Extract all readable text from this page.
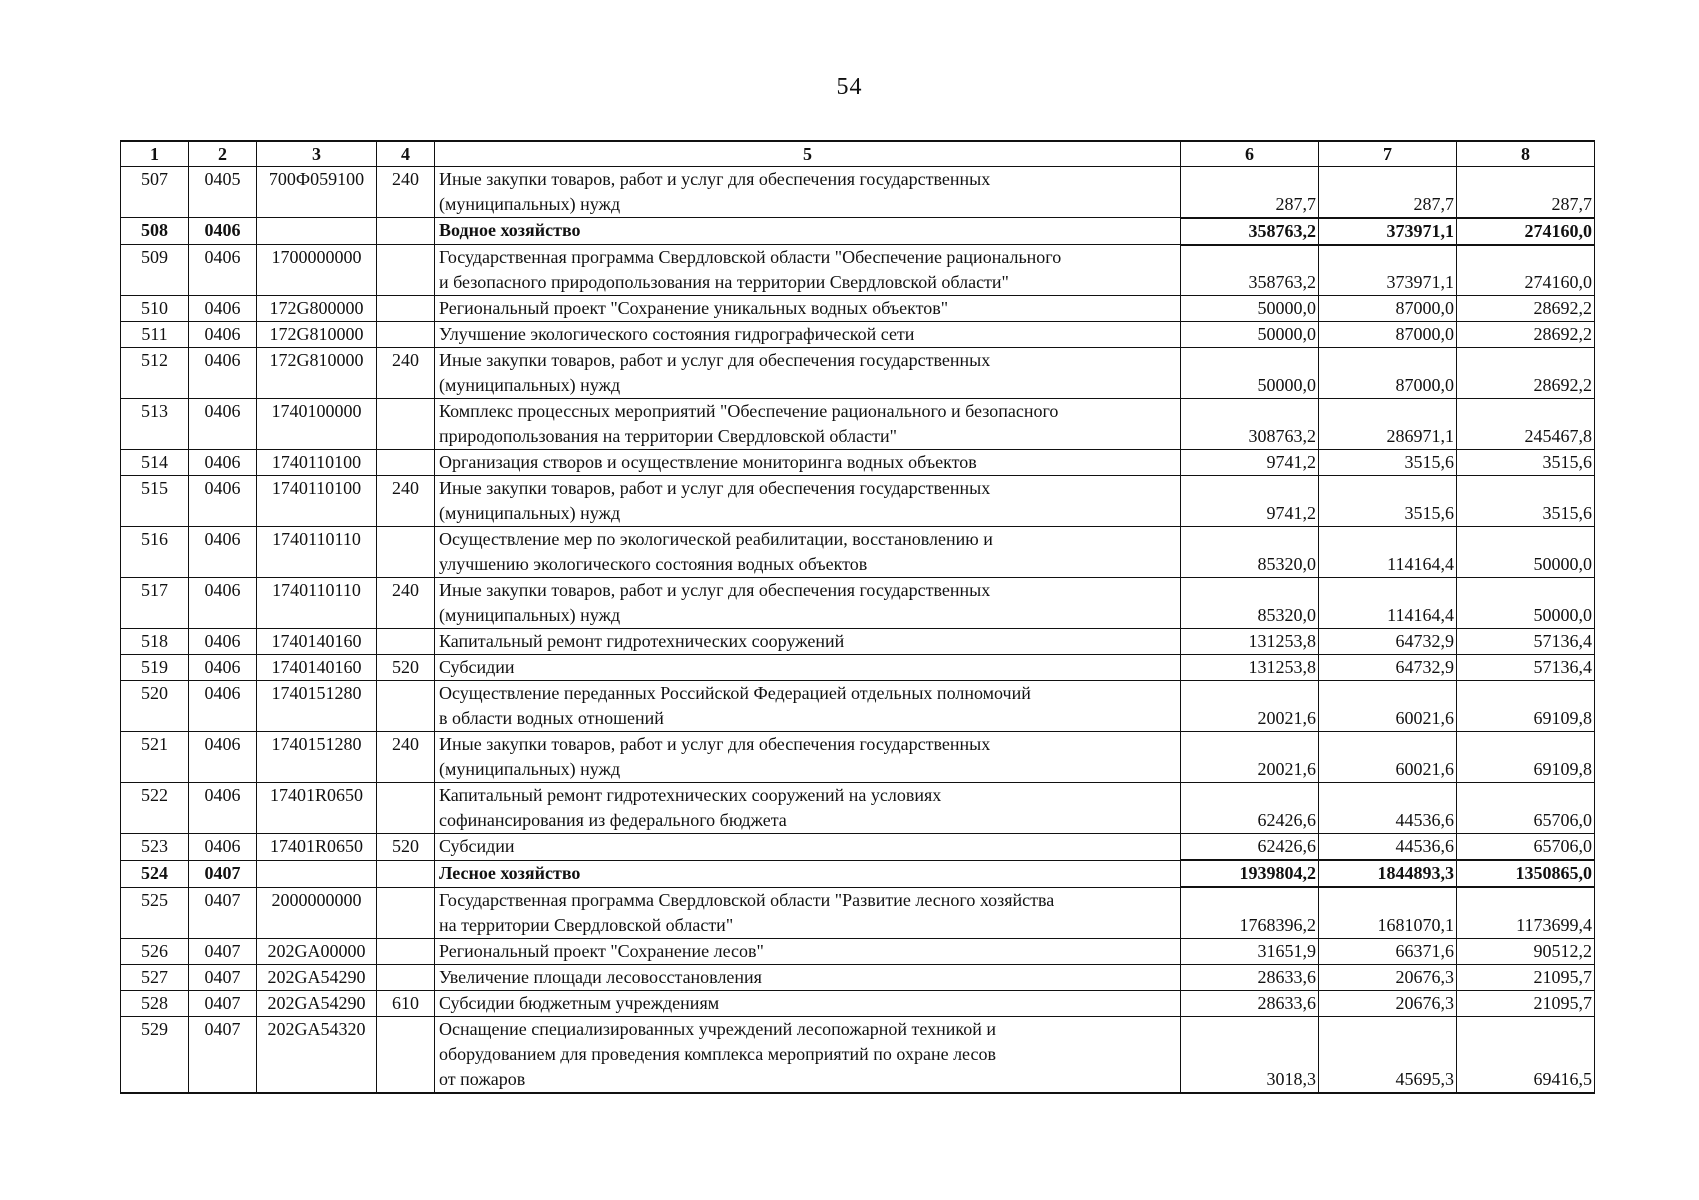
54
1	2	3	4	5	6	7	8
507	0405	700Ф059100	240	Иные закупки товаров, работ и услуг для обеспечения государственных
(муниципальных) нужд	287,7	287,7	287,7
508	0406			Водное хозяйство	358763,2	373971,1	274160,0
509	0406	1700000000		Государственная программа Свердловской области "Обеспечение рационального
и безопасного природопользования на территории Свердловской области"	358763,2	373971,1	274160,0
510	0406	172G800000		Региональный проект "Сохранение уникальных водных объектов"	50000,0	87000,0	28692,2
511	0406	172G810000		Улучшение экологического состояния гидрографической сети	50000,0	87000,0	28692,2
512	0406	172G810000	240	Иные закупки товаров, работ и услуг для обеспечения государственных
(муниципальных) нужд	50000,0	87000,0	28692,2
513	0406	1740100000		Комплекс процессных мероприятий "Обеспечение рационального и безопасного
природопользования на территории Свердловской области"	308763,2	286971,1	245467,8
514	0406	1740110100		Организация створов и осуществление мониторинга водных объектов	9741,2	3515,6	3515,6
515	0406	1740110100	240	Иные закупки товаров, работ и услуг для обеспечения государственных
(муниципальных) нужд	9741,2	3515,6	3515,6
516	0406	1740110110		Осуществление мер по экологической реабилитации, восстановлению и
улучшению экологического состояния водных объектов	85320,0	114164,4	50000,0
517	0406	1740110110	240	Иные закупки товаров, работ и услуг для обеспечения государственных
(муниципальных) нужд	85320,0	114164,4	50000,0
518	0406	1740140160		Капитальный ремонт гидротехнических сооружений	131253,8	64732,9	57136,4
519	0406	1740140160	520	Субсидии	131253,8	64732,9	57136,4
520	0406	1740151280		Осуществление переданных Российской Федерацией отдельных полномочий
в области водных отношений	20021,6	60021,6	69109,8
521	0406	1740151280	240	Иные закупки товаров, работ и услуг для обеспечения государственных
(муниципальных) нужд	20021,6	60021,6	69109,8
522	0406	17401R0650		Капитальный ремонт гидротехнических сооружений на условиях
софинансирования из федерального бюджета	62426,6	44536,6	65706,0
523	0406	17401R0650	520	Субсидии	62426,6	44536,6	65706,0
524	0407			Лесное хозяйство	1939804,2	1844893,3	1350865,0
525	0407	2000000000		Государственная программа Свердловской области "Развитие лесного хозяйства
на территории Свердловской области"	1768396,2	1681070,1	1173699,4
526	0407	202GA00000		Региональный проект "Сохранение лесов"	31651,9	66371,6	90512,2
527	0407	202GA54290		Увеличение площади лесовосстановления	28633,6	20676,3	21095,7
528	0407	202GA54290	610	Субсидии бюджетным учреждениям	28633,6	20676,3	21095,7
529	0407	202GA54320		Оснащение специализированных учреждений лесопожарной техникой и
оборудованием для проведения комплекса мероприятий по охране лесов
от пожаров	3018,3	45695,3	69416,5
